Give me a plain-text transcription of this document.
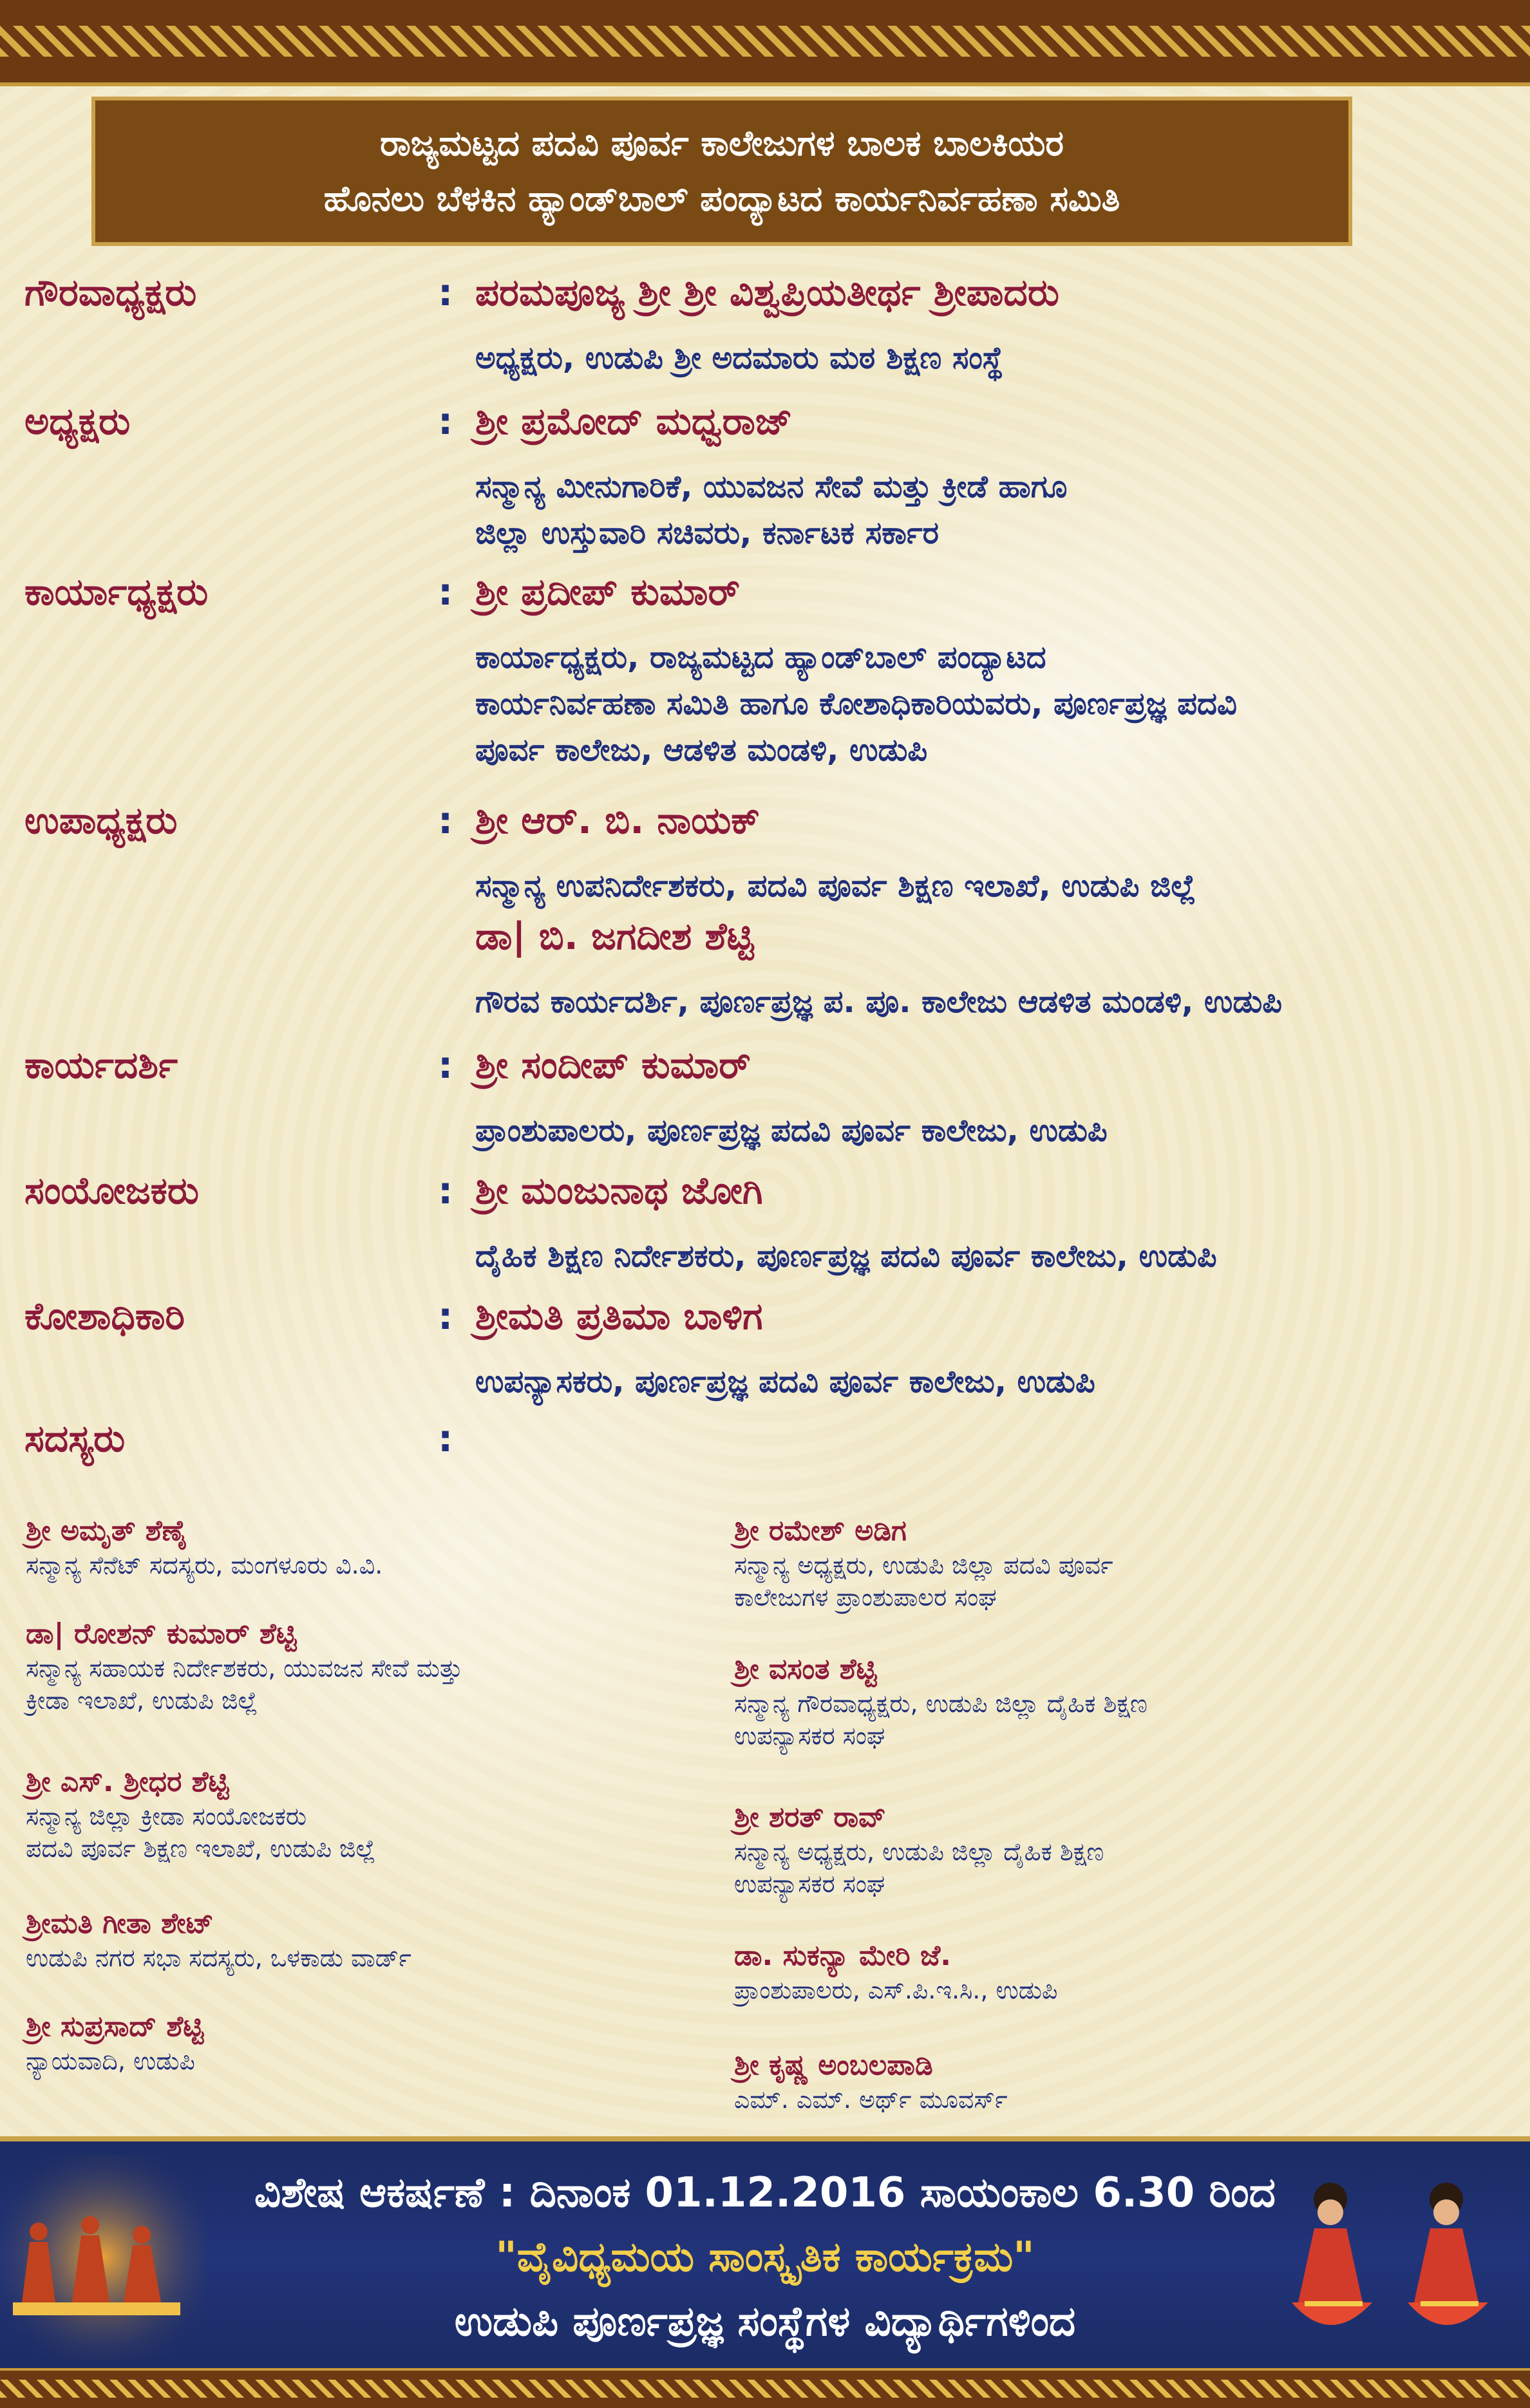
ರಾಜ್ಯಮಟ್ಟದ ಪದವಿ ಪೂರ್ವ ಕಾಲೇಜುಗಳ ಬಾಲಕ ಬಾಲಕಿಯರ
ಹೊನಲು ಬೆಳಕಿನ ಹ್ಯಾಂಡ್‌ಬಾಲ್ ಪಂದ್ಯಾಟದ ಕಾರ್ಯನಿರ್ವಹಣಾ ಸಮಿತಿ
ಗೌರವಾಧ್ಯಕ್ಷರು	: ಪರಮಪೂಜ್ಯ ಶ್ರೀ ಶ್ರೀ ವಿಶ್ವಪ್ರಿಯತೀರ್ಥ ಶ್ರೀಪಾದರು
ಅಧ್ಯಕ್ಷರು, ಉಡುಪಿ ಶ್ರೀ ಅದಮಾರು ಮಠ ಶಿಕ್ಷಣ ಸಂಸ್ಥೆ
ಅಧ್ಯಕ್ಷರು	: ಶ್ರೀ ಪ್ರಮೋದ್ ಮಧ್ವರಾಜ್
ಸನ್ಮಾನ್ಯ ಮೀನುಗಾರಿಕೆ, ಯುವಜನ ಸೇವೆ ಮತ್ತು ಕ್ರೀಡೆ ಹಾಗೂ
ಜಿಲ್ಲಾ ಉಸ್ತುವಾರಿ ಸಚಿವರು, ಕರ್ನಾಟಕ ಸರ್ಕಾರ
ಕಾರ್ಯಾಧ್ಯಕ್ಷರು	: ಶ್ರೀ ಪ್ರದೀಪ್ ಕುಮಾರ್
ಕಾರ್ಯಾಧ್ಯಕ್ಷರು, ರಾಜ್ಯಮಟ್ಟದ ಹ್ಯಾಂಡ್‌ಬಾಲ್ ಪಂದ್ಯಾಟದ
ಕಾರ್ಯನಿರ್ವಹಣಾ ಸಮಿತಿ ಹಾಗೂ ಕೋಶಾಧಿಕಾರಿಯವರು, ಪೂರ್ಣಪ್ರಜ್ಞ ಪದವಿ
ಪೂರ್ವ ಕಾಲೇಜು, ಆಡಳಿತ ಮಂಡಳಿ, ಉಡುಪಿ
ಉಪಾಧ್ಯಕ್ಷರು	: ಶ್ರೀ ಆರ್. ಬಿ. ನಾಯಕ್
ಸನ್ಮಾನ್ಯ ಉಪನಿರ್ದೇಶಕರು, ಪದವಿ ಪೂರ್ವ ಶಿಕ್ಷಣ ಇಲಾಖೆ, ಉಡುಪಿ ಜಿಲ್ಲೆ
ಡಾ| ಬಿ. ಜಗದೀಶ ಶೆಟ್ಟಿ
ಗೌರವ ಕಾರ್ಯದರ್ಶಿ, ಪೂರ್ಣಪ್ರಜ್ಞ ಪ. ಪೂ. ಕಾಲೇಜು ಆಡಳಿತ ಮಂಡಳಿ, ಉಡುಪಿ
ಕಾರ್ಯದರ್ಶಿ	: ಶ್ರೀ ಸಂದೀಪ್ ಕುಮಾರ್
ಪ್ರಾಂಶುಪಾಲರು, ಪೂರ್ಣಪ್ರಜ್ಞ ಪದವಿ ಪೂರ್ವ ಕಾಲೇಜು, ಉಡುಪಿ
ಸಂಯೋಜಕರು	: ಶ್ರೀ ಮಂಜುನಾಥ ಜೋಗಿ
ದೈಹಿಕ ಶಿಕ್ಷಣ ನಿರ್ದೇಶಕರು, ಪೂರ್ಣಪ್ರಜ್ಞ ಪದವಿ ಪೂರ್ವ ಕಾಲೇಜು, ಉಡುಪಿ
ಕೋಶಾಧಿಕಾರಿ	: ಶ್ರೀಮತಿ ಪ್ರತಿಮಾ ಬಾಳಿಗ
ಉಪನ್ಯಾಸಕರು, ಪೂರ್ಣಪ್ರಜ್ಞ ಪದವಿ ಪೂರ್ವ ಕಾಲೇಜು, ಉಡುಪಿ
ಸದಸ್ಯರು	:
ಶ್ರೀ ಅಮೃತ್ ಶೆಣೈ
ಸನ್ಮಾನ್ಯ ಸೆನೆಟ್ ಸದಸ್ಯರು, ಮಂಗಳೂರು ವಿ.ವಿ.
ಡಾ| ರೋಶನ್ ಕುಮಾರ್ ಶೆಟ್ಟಿ
ಸನ್ಮಾನ್ಯ ಸಹಾಯಕ ನಿರ್ದೇಶಕರು, ಯುವಜನ ಸೇವೆ ಮತ್ತು
ಕ್ರೀಡಾ ಇಲಾಖೆ, ಉಡುಪಿ ಜಿಲ್ಲೆ
ಶ್ರೀ ಎಸ್. ಶ್ರೀಧರ ಶೆಟ್ಟಿ
ಸನ್ಮಾನ್ಯ ಜಿಲ್ಲಾ ಕ್ರೀಡಾ ಸಂಯೋಜಕರು
ಪದವಿ ಪೂರ್ವ ಶಿಕ್ಷಣ ಇಲಾಖೆ, ಉಡುಪಿ ಜಿಲ್ಲೆ
ಶ್ರೀಮತಿ ಗೀತಾ ಶೇಟ್
ಉಡುಪಿ ನಗರ ಸಭಾ ಸದಸ್ಯರು, ಒಳಕಾಡು ವಾರ್ಡ್
ಶ್ರೀ ಸುಪ್ರಸಾದ್ ಶೆಟ್ಟಿ
ನ್ಯಾಯವಾದಿ, ಉಡುಪಿ
ಶ್ರೀ ರಮೇಶ್ ಅಡಿಗ
ಸನ್ಮಾನ್ಯ ಅಧ್ಯಕ್ಷರು, ಉಡುಪಿ ಜಿಲ್ಲಾ ಪದವಿ ಪೂರ್ವ
ಕಾಲೇಜುಗಳ ಪ್ರಾಂಶುಪಾಲರ ಸಂಘ
ಶ್ರೀ ವಸಂತ ಶೆಟ್ಟಿ
ಸನ್ಮಾನ್ಯ ಗೌರವಾಧ್ಯಕ್ಷರು, ಉಡುಪಿ ಜಿಲ್ಲಾ ದೈಹಿಕ ಶಿಕ್ಷಣ
ಉಪನ್ಯಾಸಕರ ಸಂಘ
ಶ್ರೀ ಶರತ್ ರಾವ್
ಸನ್ಮಾನ್ಯ ಅಧ್ಯಕ್ಷರು, ಉಡುಪಿ ಜಿಲ್ಲಾ ದೈಹಿಕ ಶಿಕ್ಷಣ
ಉಪನ್ಯಾಸಕರ ಸಂಘ
ಡಾ. ಸುಕನ್ಯಾ ಮೇರಿ ಜೆ.
ಪ್ರಾಂಶುಪಾಲರು, ಎಸ್.ಪಿ.ಇ.ಸಿ., ಉಡುಪಿ
ಶ್ರೀ ಕೃಷ್ಣ ಅಂಬಲಪಾಡಿ
ಎಮ್. ಎಮ್. ಅರ್ಥ್ ಮೂವರ್ಸ್
ವಿಶೇಷ ಆಕರ್ಷಣೆ : ದಿನಾಂಕ 01.12.2016 ಸಾಯಂಕಾಲ 6.30 ರಿಂದ
"ವೈವಿಧ್ಯಮಯ ಸಾಂಸ್ಕೃತಿಕ ಕಾರ್ಯಕ್ರಮ"
ಉಡುಪಿ ಪೂರ್ಣಪ್ರಜ್ಞ ಸಂಸ್ಥೆಗಳ ವಿದ್ಯಾರ್ಥಿಗಳಿಂದ
